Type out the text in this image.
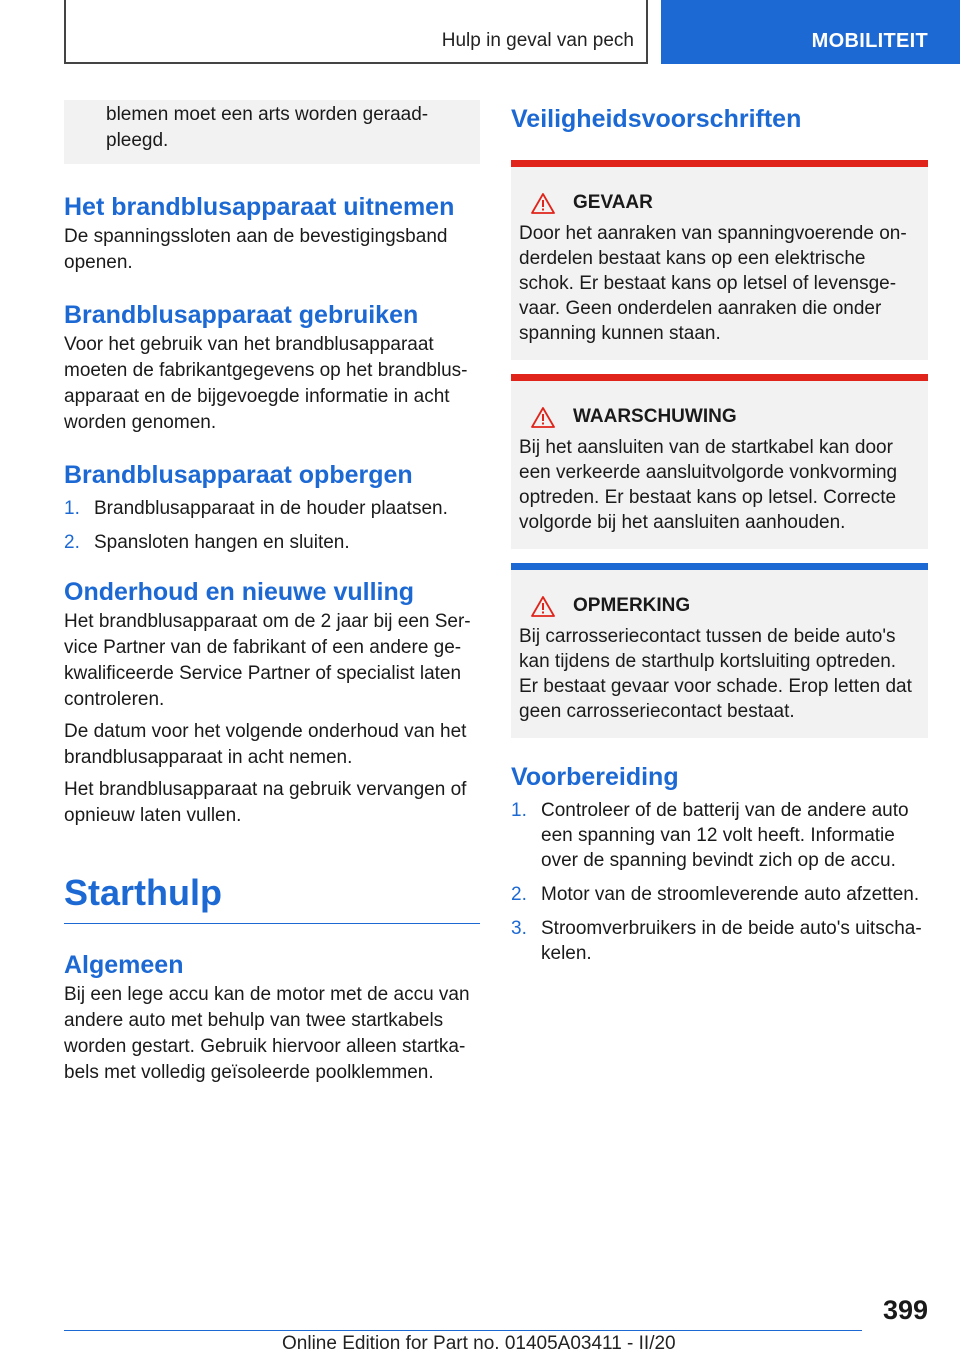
Hulp in geval van pech	MOBILITEIT

blemen moet een arts worden geraad-pleegd.

Het brandblusapparaat uitnemen

De spanningssloten aan de bevestigingsband openen.

Brandblusapparaat gebruiken

Voor het gebruik van het brandblusapparaat moeten de fabrikantgegevens op het brandblus-apparaat en de bijgevoegde informatie in acht worden genomen.

Brandblusapparaat opbergen
1. Brandblusapparaat in de houder plaatsen.
2. Spansloten hangen en sluiten.
Onderhoud en nieuwe vulling

Het brandblusapparaat om de 2 jaar bij een Ser-vice Partner van de fabrikant of een andere ge-kwalificeerde Service Partner of specialist laten controleren.

De datum voor het volgende onderhoud van het brandblusapparaat in acht nemen.

Het brandblusapparaat na gebruik vervangen of opnieuw laten vullen.

Starthulp
Algemeen

Bij een lege accu kan de motor met de accu van andere auto met behulp van twee startkabels worden gestart. Gebruik hiervoor alleen startka-bels met volledig geïsoleerde poolklemmen.

Veiligheidsvoorschriften
GEVAAR

Door het aanraken van spanningvoerende on-derdelen bestaat kans op een elektrische schok. Er bestaat kans op letsel of levensge-vaar. Geen onderdelen aanraken die onder spanning kunnen staan.

WAARSCHUWING

Bij het aansluiten van de startkabel kan door een verkeerde aansluitvolgorde vonkvorming optreden. Er bestaat kans op letsel. Correcte volgorde bij het aansluiten aanhouden.

OPMERKING

Bij carrosseriecontact tussen de beide auto's kan tijdens de starthulp kortsluiting optreden. Er bestaat gevaar voor schade. Erop letten dat geen carrosseriecontact bestaat.

Voorbereiding
1. Controleer of de batterij van de andere auto een spanning van 12 volt heeft. Informatie over de spanning bevindt zich op de accu.
2. Motor van de stroomleverende auto afzetten.
3. Stroomverbruikers in de beide auto's uitscha-kelen.
399
Online Edition for Part no. 01405A03411 - II/20
